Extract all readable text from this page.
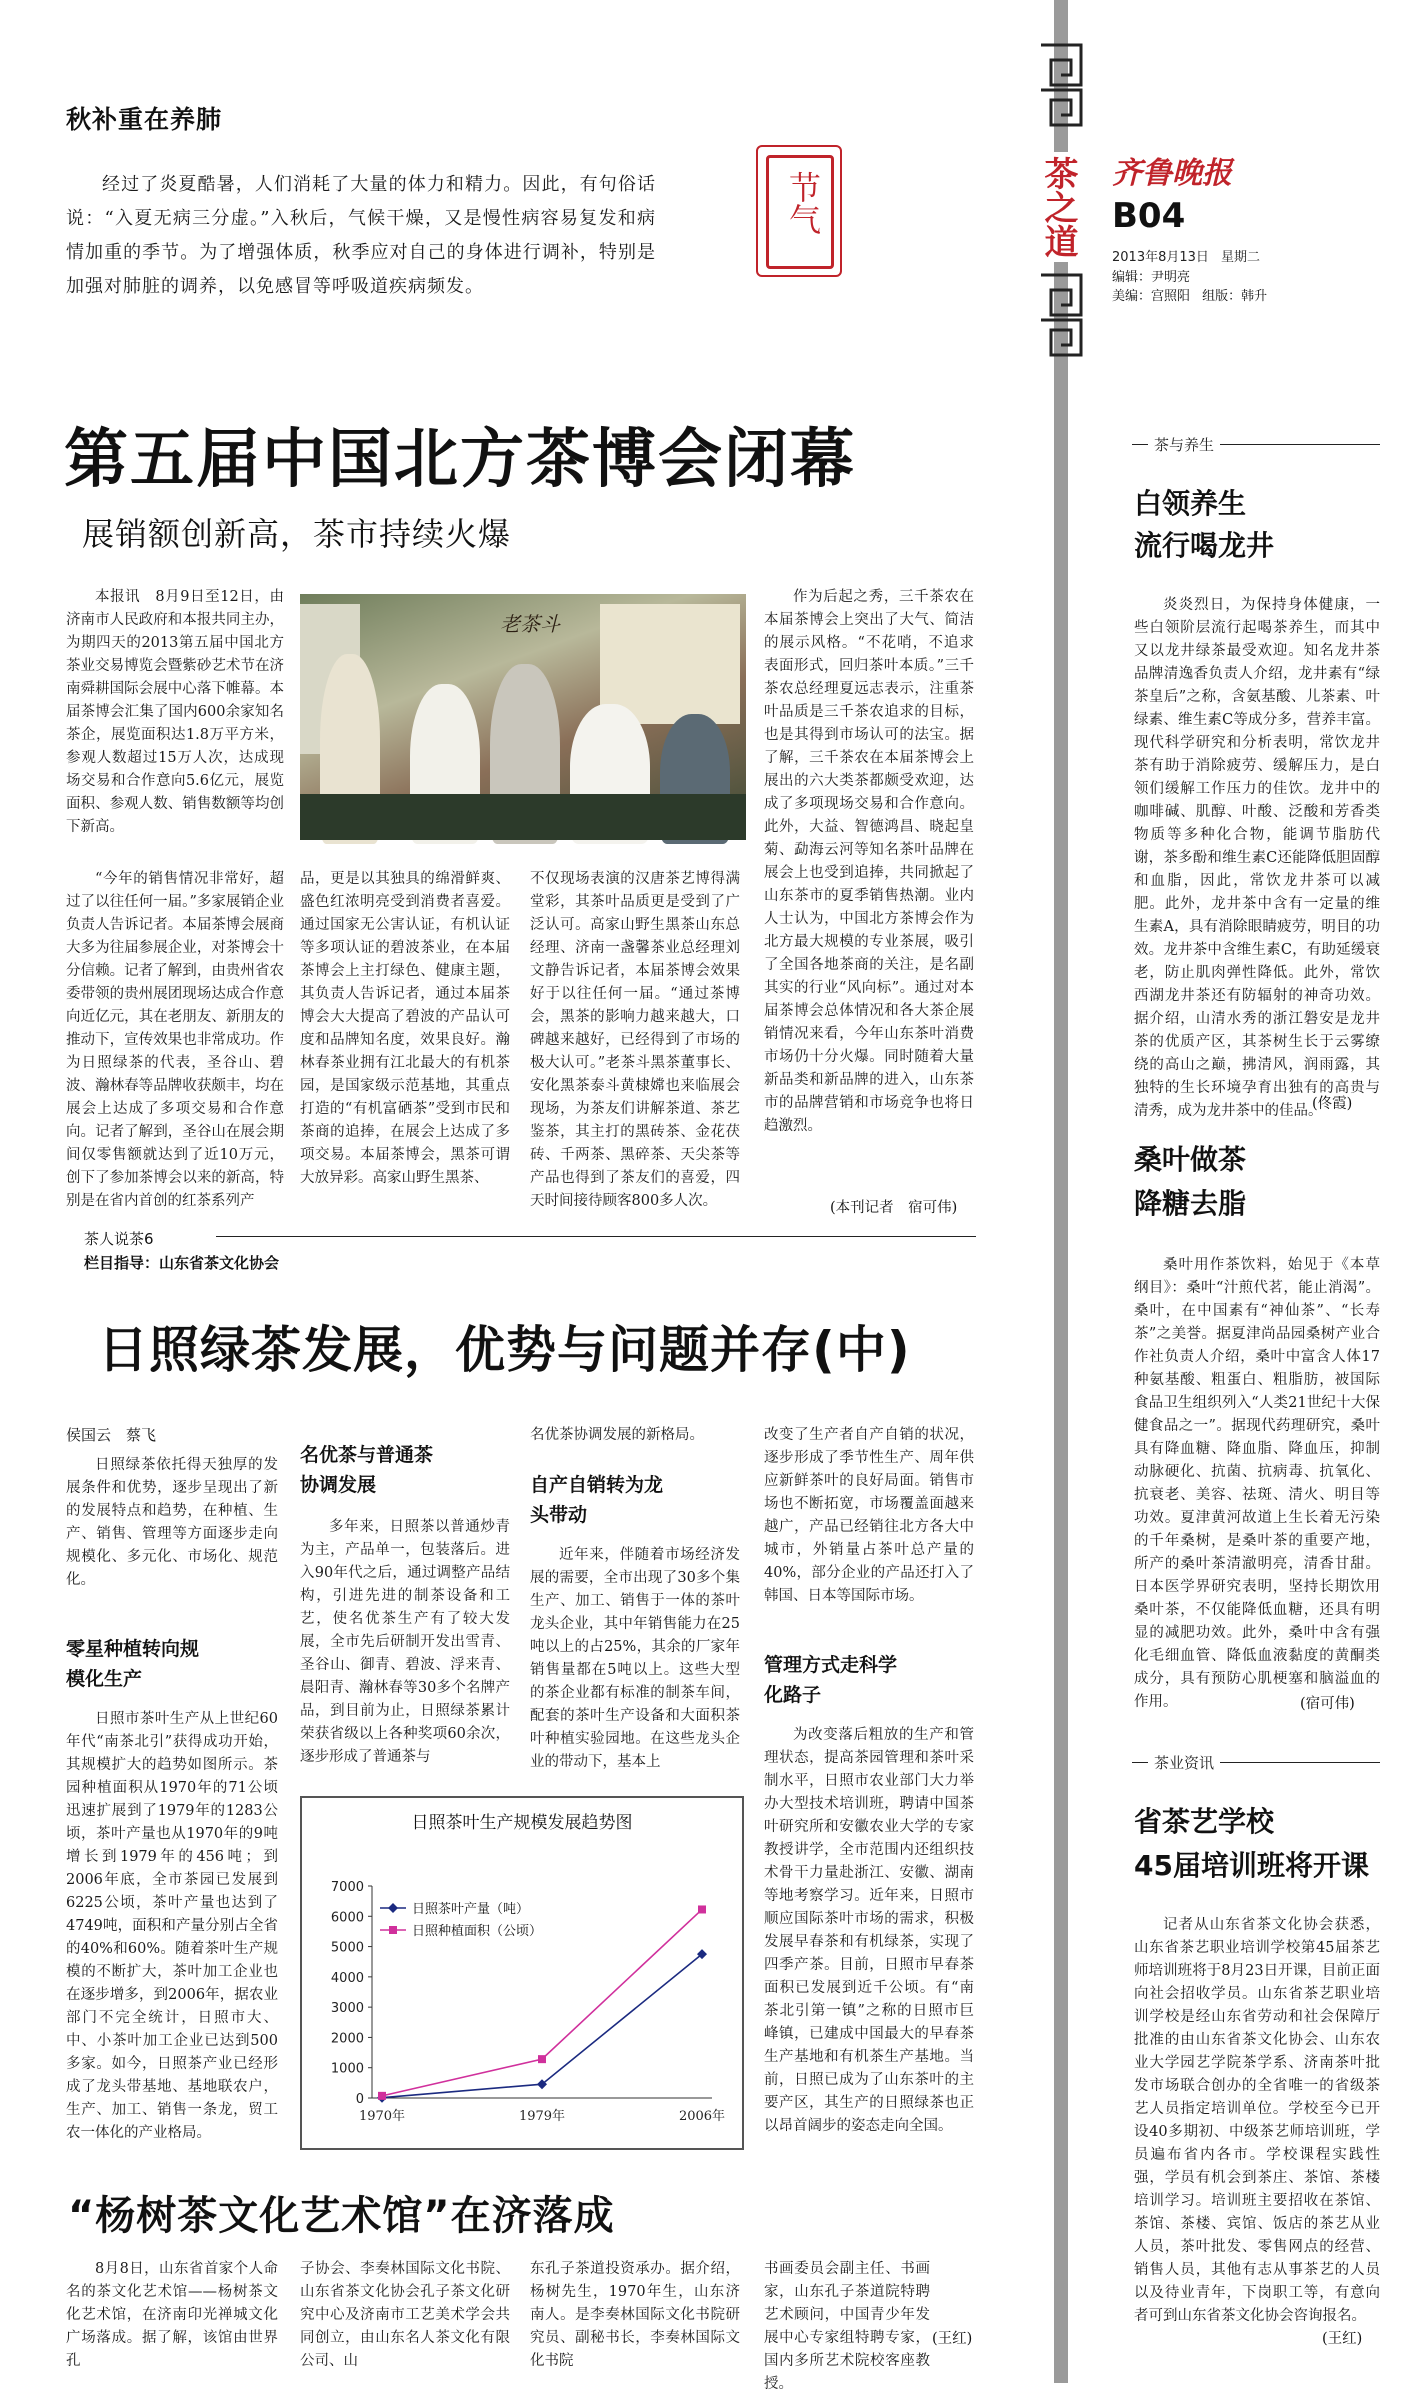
秋补重在养肺
经过了炎夏酷暑，人们消耗了大量的体力和精力。因此，有句俗话说：“入夏无病三分虚。”入秋后，气候干燥，又是慢性病容易复发和病情加重的季节。为了增强体质，秋季应对自己的身体进行调补，特别是加强对肺脏的调养，以免感冒等呼吸道疾病频发。
节气	茶之道 齐鲁晚报
B04
2013年8月13日 星期二
编辑：尹明亮
美编：宫照阳 组版：韩升
第五届中国北方茶博会闭幕
展销额创新高，茶市持续火爆
本报讯　8月9日至12日，由济南市人民政府和本报共同主办，为期四天的2013第五届中国北方茶业交易博览会暨紫砂艺术节在济南舜耕国际会展中心落下帷幕。本届茶博会汇集了国内600余家知名茶企，展览面积达1.8万平方米，参观人数超过15万人次，达成现场交易和合作意向5.6亿元，展览面积、参观人数、销售数额等均创下新高。
老茶斗
“今年的销售情况非常好，超过了以往任何一届。”多家展销企业负责人告诉记者。本届茶博会展商大多为往届参展企业，对茶博会十分信赖。记者了解到，由贵州省农委带领的贵州展团现场达成合作意向近亿元，其在老朋友、新朋友的推动下，宣传效果也非常成功。作为日照绿茶的代表，圣谷山、碧波、瀚林春等品牌收获颇丰，均在展会上达成了多项交易和合作意向。记者了解到，圣谷山在展会期间仅零售额就达到了近10万元，创下了参加茶博会以来的新高，特别是在省内首创的红茶系列产
品，更是以其独具的绵滑鲜爽、盛色红浓明亮受到消费者喜爱。通过国家无公害认证，有机认证等多项认证的碧波茶业，在本届茶博会上主打绿色、健康主题，其负责人告诉记者，通过本届茶博会大大提高了碧波的产品认可度和品牌知名度，效果良好。瀚林春茶业拥有江北最大的有机茶园，是国家级示范基地，其重点打造的“有机富硒茶”受到市民和茶商的追捧，在展会上达成了多项交易。本届茶博会，黑茶可谓大放异彩。高家山野生黑茶、
不仅现场表演的汉唐茶艺博得满堂彩，其茶叶品质更是受到了广泛认可。高家山野生黑茶山东总经理、济南一盏馨茶业总经理刘文静告诉记者，本届茶博会效果好于以往任何一届。“通过茶博会，黑茶的影响力越来越大，口碑越来越好，已经得到了市场的极大认可。”老茶斗黑茶董事长、安化黑茶泰斗黄棣嫦也来临展会现场，为茶友们讲解茶道、茶艺鉴茶，其主打的黑砖茶、金花茯砖、千两茶、黑碎茶、天尖茶等产品也得到了茶友们的喜爱，四天时间接待顾客800多人次。
作为后起之秀，三千茶农在本届茶博会上突出了大气、简洁的展示风格。“不花哨，不追求表面形式，回归茶叶本质。”三千茶农总经理夏远志表示，注重茶叶品质是三千茶农追求的目标，也是其得到市场认可的法宝。据了解，三千茶农在本届茶博会上展出的六大类茶都颇受欢迎，达成了多项现场交易和合作意向。此外，大益、智德鸿昌、晓起皇菊、勐海云河等知名茶叶品牌在展会上也受到追捧，共同掀起了山东茶市的夏季销售热潮。业内人士认为，中国北方茶博会作为北方最大规模的专业茶展，吸引了全国各地茶商的关注，是名副其实的行业“风向标”。通过对本届茶博会总体情况和各大茶企展销情况来看，今年山东茶叶消费市场仍十分火爆。同时随着大量新品类和新品牌的进入，山东茶市的品牌营销和市场竞争也将日趋激烈。
(本刊记者　宿可伟)
茶人说茶6
栏目指导：山东省茶文化协会
日照绿茶发展，优势与问题并存(中)
侯国云　蔡飞
日照绿茶依托得天独厚的发展条件和优势，逐步呈现出了新的发展特点和趋势，在种植、生产、销售、管理等方面逐步走向规模化、多元化、市场化、规范化。
零星种植转向规模化生产
日照市茶叶生产从上世纪60年代“南茶北引”获得成功开始，其规模扩大的趋势如图所示。茶园种植面积从1970年的71公顷迅速扩展到了1979年的1283公顷，茶叶产量也从1970年的9吨增长到1979年的456吨；到2006年底，全市茶园已发展到6225公顷，茶叶产量也达到了4749吨，面积和产量分别占全省的40%和60%。随着茶叶生产规模的不断扩大，茶叶加工企业也在逐步增多，到2006年，据农业部门不完全统计，日照市大、中、小茶叶加工企业已达到500多家。如今，日照茶产业已经形成了龙头带基地、基地联农户，生产、加工、销售一条龙，贸工农一体化的产业格局。
名优茶与普通茶协调发展
多年来，日照茶以普通炒青为主，产品单一，包装落后。进入90年代之后，通过调整产品结构，引进先进的制茶设备和工艺，使名优茶生产有了较大发展，全市先后研制开发出雪青、圣谷山、御青、碧波、浮来青、晨阳青、瀚林春等30多个名牌产品，到目前为止，日照绿茶累计荣获省级以上各种奖项60余次，逐步形成了普通茶与
名优茶协调发展的新格局。
自产自销转为龙头带动
近年来，伴随着市场经济发展的需要，全市出现了30多个集生产、加工、销售于一体的茶叶龙头企业，其中年销售能力在25吨以上的占25%，其余的厂家年销售量都在5吨以上。这些大型的茶企业都有标准的制茶车间，配套的茶叶生产设备和大面积茶叶种植实验园地。在这些龙头企业的带动下，基本上
改变了生产者自产自销的状况，逐步形成了季节性生产、周年供应新鲜茶叶的良好局面。销售市场也不断拓宽，市场覆盖面越来越广，产品已经销往北方各大中城市，外销量占茶叶总产量的40%，部分企业的产品还打入了韩国、日本等国际市场。
管理方式走科学化路子
为改变落后粗放的生产和管理状态，提高茶园管理和茶叶采制水平，日照市农业部门大力举办大型技术培训班，聘请中国茶叶研究所和安徽农业大学的专家教授讲学，全市范围内还组织技术骨干力量赴浙江、安徽、湖南等地考察学习。近年来，日照市顺应国际茶叶市场的需求，积极发展早春茶和有机绿茶，实现了四季产茶。目前，日照市早春茶面积已发展到近千公顷。有“南茶北引第一镇”之称的日照市巨峰镇，已建成中国最大的早春茶生产基地和有机茶生产基地。当前，日照已成为了山东茶叶的主要产区，其生产的日照绿茶也正以昂首阔步的姿态走向全国。
日照茶叶生产规模发展趋势图
0
1000
2000
3000
4000
5000
6000
7000
1970年	1979年	2006年
日照茶叶产量（吨）
日照种植面积（公顷）
“杨树茶文化艺术馆”在济落成
8月8日，山东省首家个人命名的茶文化艺术馆——杨树茶文化艺术馆，在济南印光禅城文化广场落成。据了解，该馆由世界孔
子协会、李奏林国际文化书院、山东省茶文化协会孔子茶文化研究中心及济南市工艺美术学会共同创立，由山东名人茶文化有限公司、山
东孔子茶道投资承办。据介绍，杨树先生，1970年生，山东济南人。是李奏林国际文化书院研究员、副秘书长，李奏林国际文化书院
书画委员会副主任、书画家，山东孔子茶道院特聘艺术顾问，中国青少年发展中心专家组特聘专家，国内多所艺术院校客座教授。
(王红)
茶与养生
白领养生
流行喝龙井
炎炎烈日，为保持身体健康，一些白领阶层流行起喝茶养生，而其中又以龙井绿茶最受欢迎。知名龙井茶品牌清逸香负责人介绍，龙井素有“绿茶皇后”之称，含氨基酸、儿茶素、叶绿素、维生素C等成分多，营养丰富。现代科学研究和分析表明，常饮龙井茶有助于消除疲劳、缓解压力，是白领们缓解工作压力的佳饮。龙井中的咖啡碱、肌醇、叶酸、泛酸和芳香类物质等多种化合物，能调节脂肪代谢，茶多酚和维生素C还能降低胆固醇和血脂，因此，常饮龙井茶可以减肥。此外，龙井茶中含有一定量的维生素A，具有消除眼睛疲劳，明目的功效。龙井茶中含维生素C，有助延缓衰老，防止肌肉弹性降低。此外，常饮西湖龙井茶还有防辐射的神奇功效。据介绍，山清水秀的浙江磐安是龙井茶的优质产区，其茶树生长于云雾缭绕的高山之巅，拂清风，润雨露，其独特的生长环境孕育出独有的高贵与清秀，成为龙井茶中的佳品。
(佟霞)
桑叶做茶
降糖去脂
桑叶用作茶饮料，始见于《本草纲目》：桑叶“汁煎代茗，能止消渴”。桑叶，在中国素有“神仙茶”、“长寿茶”之美誉。据夏津尚品园桑树产业合作社负责人介绍，桑叶中富含人体17种氨基酸、粗蛋白、粗脂肪，被国际食品卫生组织列入“人类21世纪十大保健食品之一”。据现代药理研究，桑叶具有降血糖、降血脂、降血压，抑制动脉硬化、抗菌、抗病毒、抗氧化、抗衰老、美容、祛斑、清火、明目等功效。夏津黄河故道上生长着无污染的千年桑树，是桑叶茶的重要产地，所产的桑叶茶清澈明亮，清香甘甜。日本医学界研究表明，坚持长期饮用桑叶茶，不仅能降低血糖，还具有明显的减肥功效。此外，桑叶中含有强化毛细血管、降低血液黏度的黄酮类成分，具有预防心肌梗塞和脑溢血的作用。	(宿可伟)
茶业资讯
省茶艺学校
45届培训班将开课
记者从山东省茶文化协会获悉，山东省茶艺职业培训学校第45届茶艺师培训班将于8月23日开课，目前正面向社会招收学员。山东省茶艺职业培训学校是经山东省劳动和社会保障厅批准的由山东省茶文化协会、山东农业大学园艺学院茶学系、济南茶叶批发市场联合创办的全省唯一的省级茶艺人员指定培训单位。学校至今已开设40多期初、中级茶艺师培训班，学员遍布省内各市。学校课程实践性强，学员有机会到茶庄、茶馆、茶楼培训学习。培训班主要招收在茶馆、茶馆、茶楼、宾馆、饭店的茶艺从业人员，茶叶批发、零售网点的经营、销售人员，其他有志从事茶艺的人员以及待业青年，下岗职工等，有意向者可到山东省茶文化协会咨询报名。
(王红)
